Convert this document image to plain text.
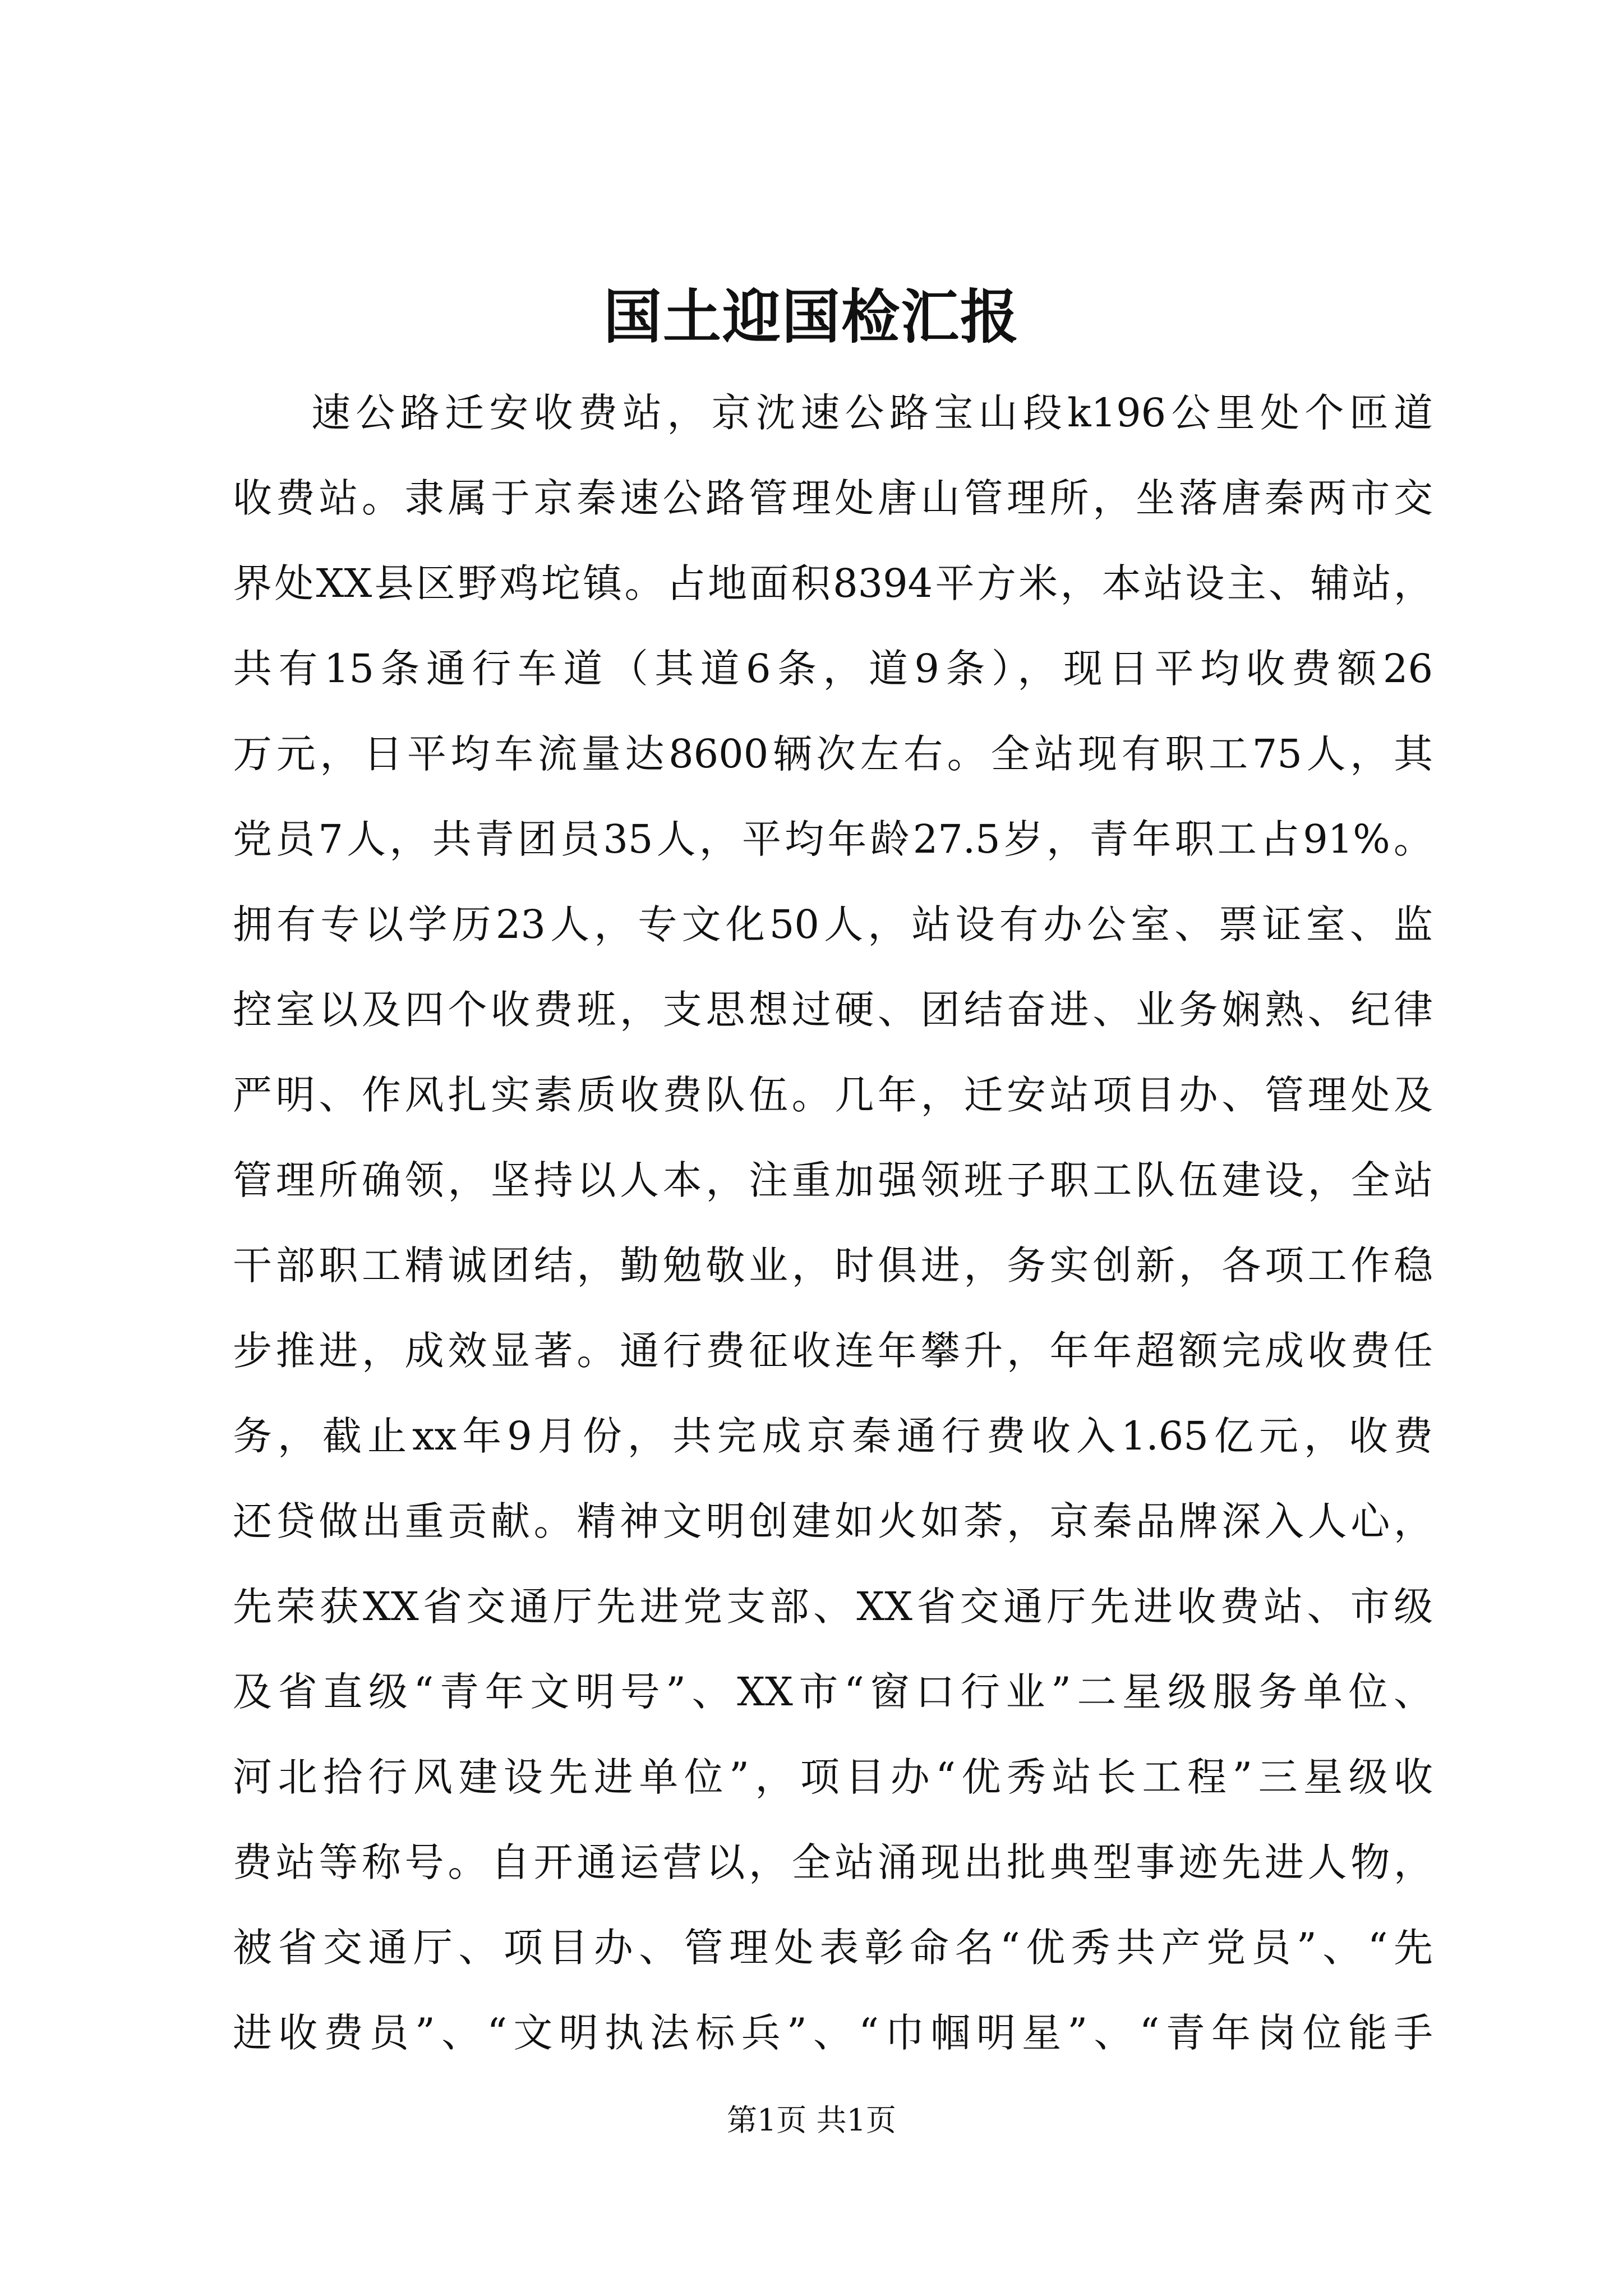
国土迎国检汇报
速公路迁安收费站，京沈速公路宝山段k196公里处个匝道
收费站。隶属于京秦速公路管理处唐山管理所，坐落唐秦两市交
界处XX县区野鸡坨镇。占地面积8394平方米，本站设主、辅站，
共有15条通行车道（其道6条，道9条），现日平均收费额26
万元，日平均车流量达8600辆次左右。全站现有职工75人，其
党员7人，共青团员35人，平均年龄27.5岁，青年职工占91%。
拥有专以学历23人，专文化50人，站设有办公室、票证室、监
控室以及四个收费班，支思想过硬、团结奋进、业务娴熟、纪律
严明、作风扎实素质收费队伍。几年，迁安站项目办、管理处及
管理所确领，坚持以人本，注重加强领班子职工队伍建设，全站
干部职工精诚团结，勤勉敬业，时俱进，务实创新，各项工作稳
步推进，成效显著。通行费征收连年攀升，年年超额完成收费任
务，截止xx年9月份，共完成京秦通行费收入1.65亿元，收费
还贷做出重贡献。精神文明创建如火如荼，京秦品牌深入人心，
先荣获XX省交通厅先进党支部、XX省交通厅先进收费站、市级
及省直级“青年文明号”、XX市“窗口行业”二星级服务单位、
河北拾行风建设先进单位”，项目办“优秀站长工程”三星级收
费站等称号。自开通运营以，全站涌现出批典型事迹先进人物，
被省交通厅、项目办、管理处表彰命名“优秀共产党员”、“先
进收费员”、“文明执法标兵”、“巾帼明星”、“青年岗位能手
第1页 共1页
